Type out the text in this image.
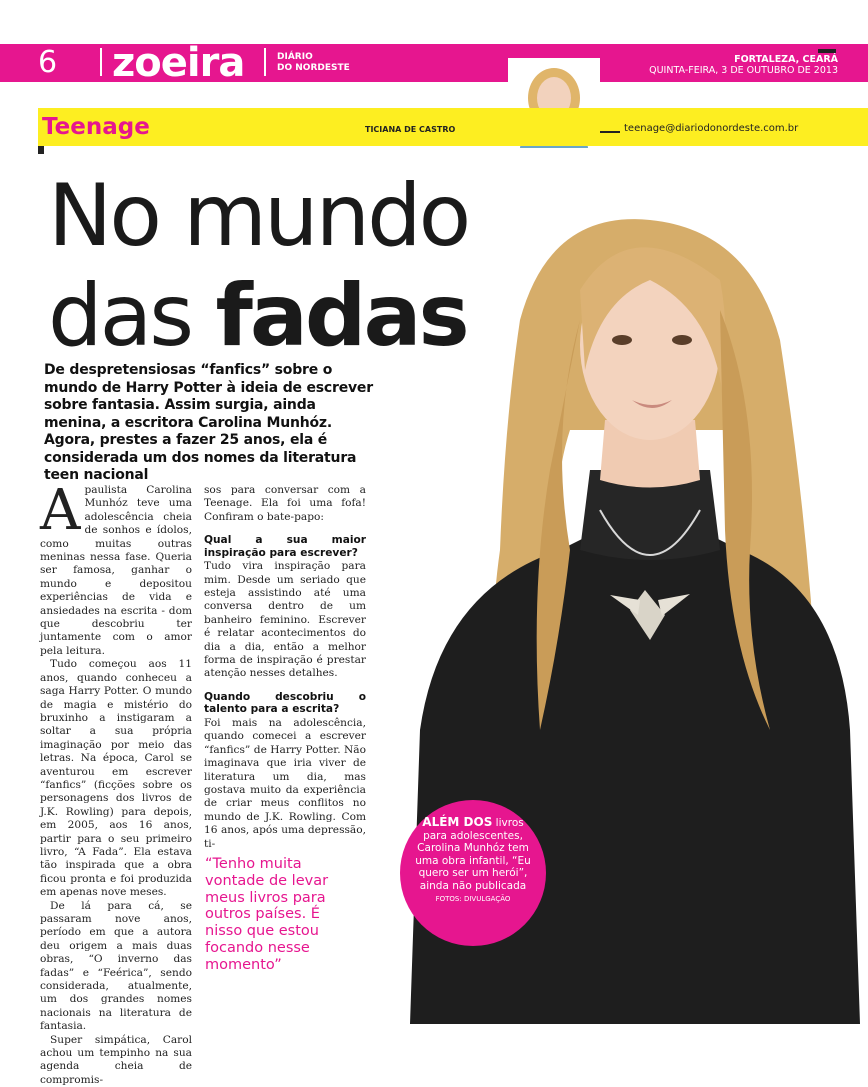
6 zoeira	DIÁRIO
DO NORDESTE
FORTALEZA, CEARÁ
QUINTA-FEIRA, 3 DE OUTUBRO DE 2013
Teenage	TICIANA DE CASTRO	teenage@diariodonordeste.com.br
No mundo
das fadas
De despretensiosas “fanfics” sobre o mundo de Harry Potter à ideia de escrever sobre fantasia. Assim surgia, ainda menina, a escritora Carolina Munhóz. Agora, prestes a fazer 25 anos, ela é considerada um dos nomes da literatura teen nacional

Apaulista Carolina Munhóz teve uma adolescência cheia de sonhos e ídolos, como muitas outras meninas nessa fase. Queria ser famosa, ganhar o mundo e depositou experiências de vida e ansiedades na escrita - dom que descobriu ter juntamente com o amor pela leitura.

Tudo começou aos 11 anos, quando conheceu a saga Harry Potter. O mundo de magia e mistério do bruxinho a instigaram a soltar a sua própria imaginação por meio das letras. Na época, Carol se aventurou em escrever “fanfics” (ficções sobre os personagens dos livros de J.K. Rowling) para depois, em 2005, aos 16 anos, partir para o seu primeiro livro, “A Fada”. Ela estava tão inspirada que a obra ficou pronta e foi produzida em apenas nove meses.

De lá para cá, se passaram nove anos, período em que a autora deu origem a mais duas obras, “O inverno das fadas” e “Feérica”, sendo considerada, atualmente, um dos grandes nomes nacionais na literatura de fantasia.

Super simpática, Carol achou um tempinho na sua agenda cheia de compromis-

sos para conversar com a Teenage. Ela foi uma fofa! Confiram o bate-papo:

Qual a sua maior inspiração para escrever?

Tudo vira inspiração para mim. Desde um seriado que esteja assistindo até uma conversa dentro de um banheiro feminino. Escrever é relatar acontecimentos do dia a dia, então a melhor forma de inspiração é prestar atenção nesses detalhes.

Quando descobriu o talento para a escrita?

Foi mais na adolescência, quando comecei a escrever “fanfics” de Harry Potter. Não imaginava que iria viver de literatura um dia, mas gostava muito da experiência de criar meus conflitos no mundo de J.K. Rowling. Com 16 anos, após uma depressão, ti-

“Tenho muita vontade de levar meus livros para outros países. É nisso que estou focando nesse momento”
ALÉM DOS livros para adolescentes, Carolina Munhóz tem uma obra infantil, “Eu quero ser um herói”, ainda não publicada FOTOS: DIVULGAÇÃO
